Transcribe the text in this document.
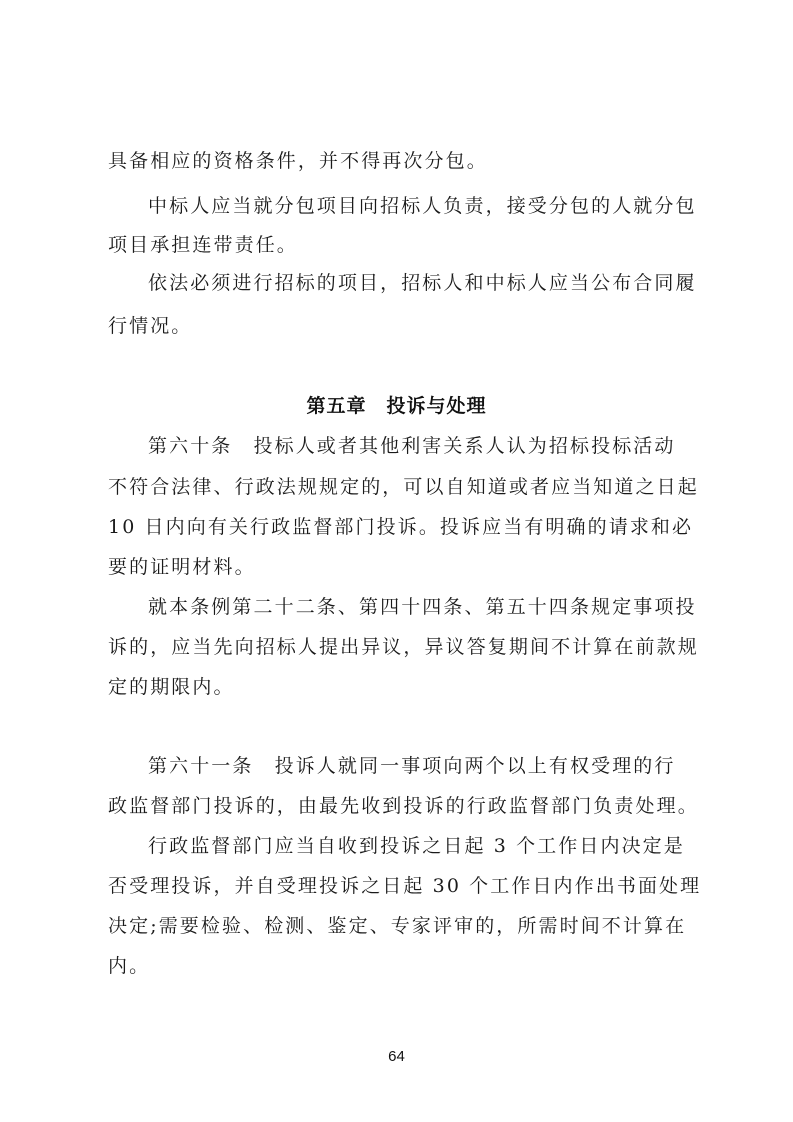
具备相应的资格条件，并不得再次分包。
中标人应当就分包项目向招标人负责，接受分包的人就分包
项目承担连带责任。
依法必须进行招标的项目，招标人和中标人应当公布合同履
行情况。
第五章　投诉与处理
第六十条　投标人或者其他利害关系人认为招标投标活动
不符合法律、行政法规规定的，可以自知道或者应当知道之日起
10 日内向有关行政监督部门投诉。投诉应当有明确的请求和必
要的证明材料。
就本条例第二十二条、第四十四条、第五十四条规定事项投
诉的，应当先向招标人提出异议，异议答复期间不计算在前款规
定的期限内。
第六十一条　投诉人就同一事项向两个以上有权受理的行
政监督部门投诉的，由最先收到投诉的行政监督部门负责处理。
行政监督部门应当自收到投诉之日起 3 个工作日内决定是
否受理投诉，并自受理投诉之日起 30 个工作日内作出书面处理
决定;需要检验、检测、鉴定、专家评审的，所需时间不计算在
内。
64
